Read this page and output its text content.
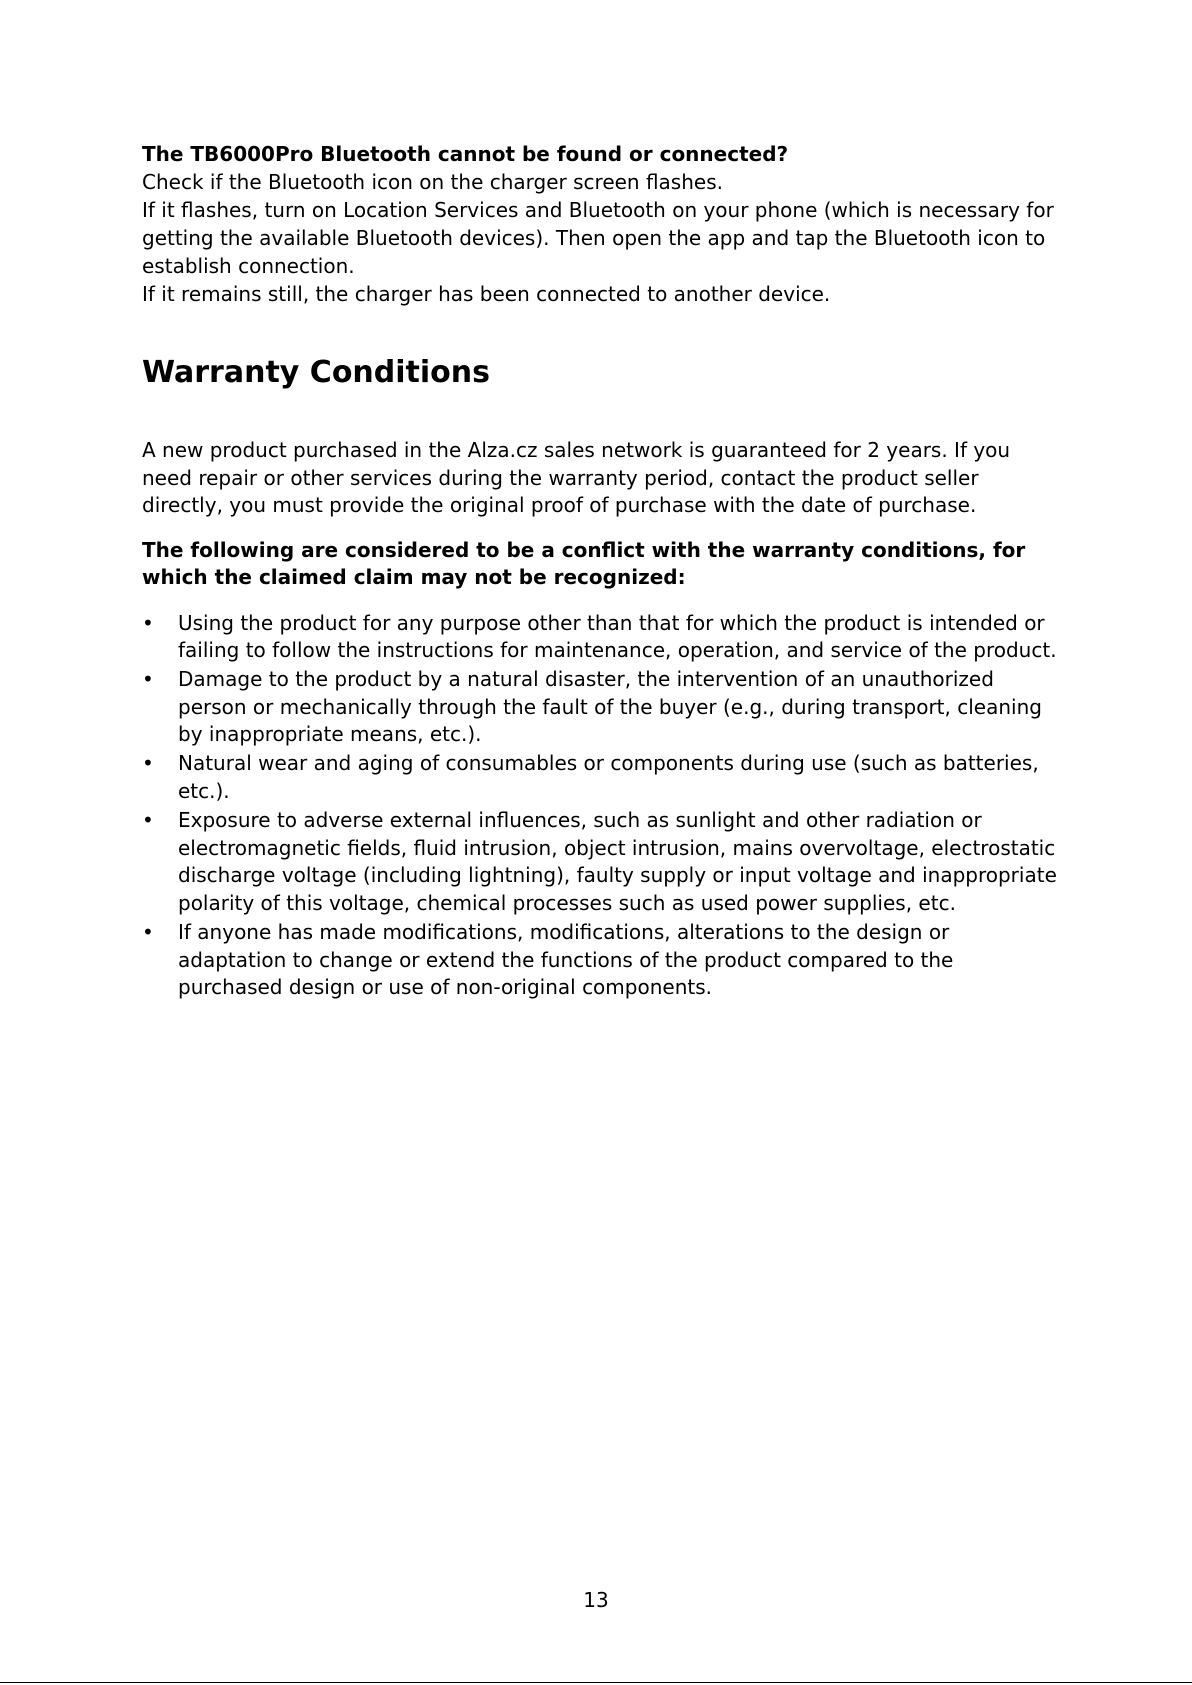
The TB6000Pro Bluetooth cannot be found or connected?

Check if the Bluetooth icon on the charger screen flashes.

If it flashes, turn on Location Services and Bluetooth on your phone (which is necessary for getting the available Bluetooth devices). Then open the app and tap the Bluetooth icon to establish connection.

If it remains still, the charger has been connected to another device.

Warranty Conditions

A new product purchased in the Alza.cz sales network is guaranteed for 2 years. If you need repair or other services during the warranty period, contact the product seller directly, you must provide the original proof of purchase with the date of purchase.

The following are considered to be a conflict with the warranty conditions, for which the claimed claim may not be recognized:

• Using the product for any purpose other than that for which the product is intended or failing to follow the instructions for maintenance, operation, and service of the product.
• Damage to the product by a natural disaster, the intervention of an unauthorized person or mechanically through the fault of the buyer (e.g., during transport, cleaning by inappropriate means, etc.).
• Natural wear and aging of consumables or components during use (such as batteries, etc.).
• Exposure to adverse external influences, such as sunlight and other radiation or electromagnetic fields, fluid intrusion, object intrusion, mains overvoltage, electrostatic discharge voltage (including lightning), faulty supply or input voltage and inappropriate polarity of this voltage, chemical processes such as used power supplies, etc.
• If anyone has made modifications, modifications, alterations to the design or adaptation to change or extend the functions of the product compared to the purchased design or use of non-original components.
13
